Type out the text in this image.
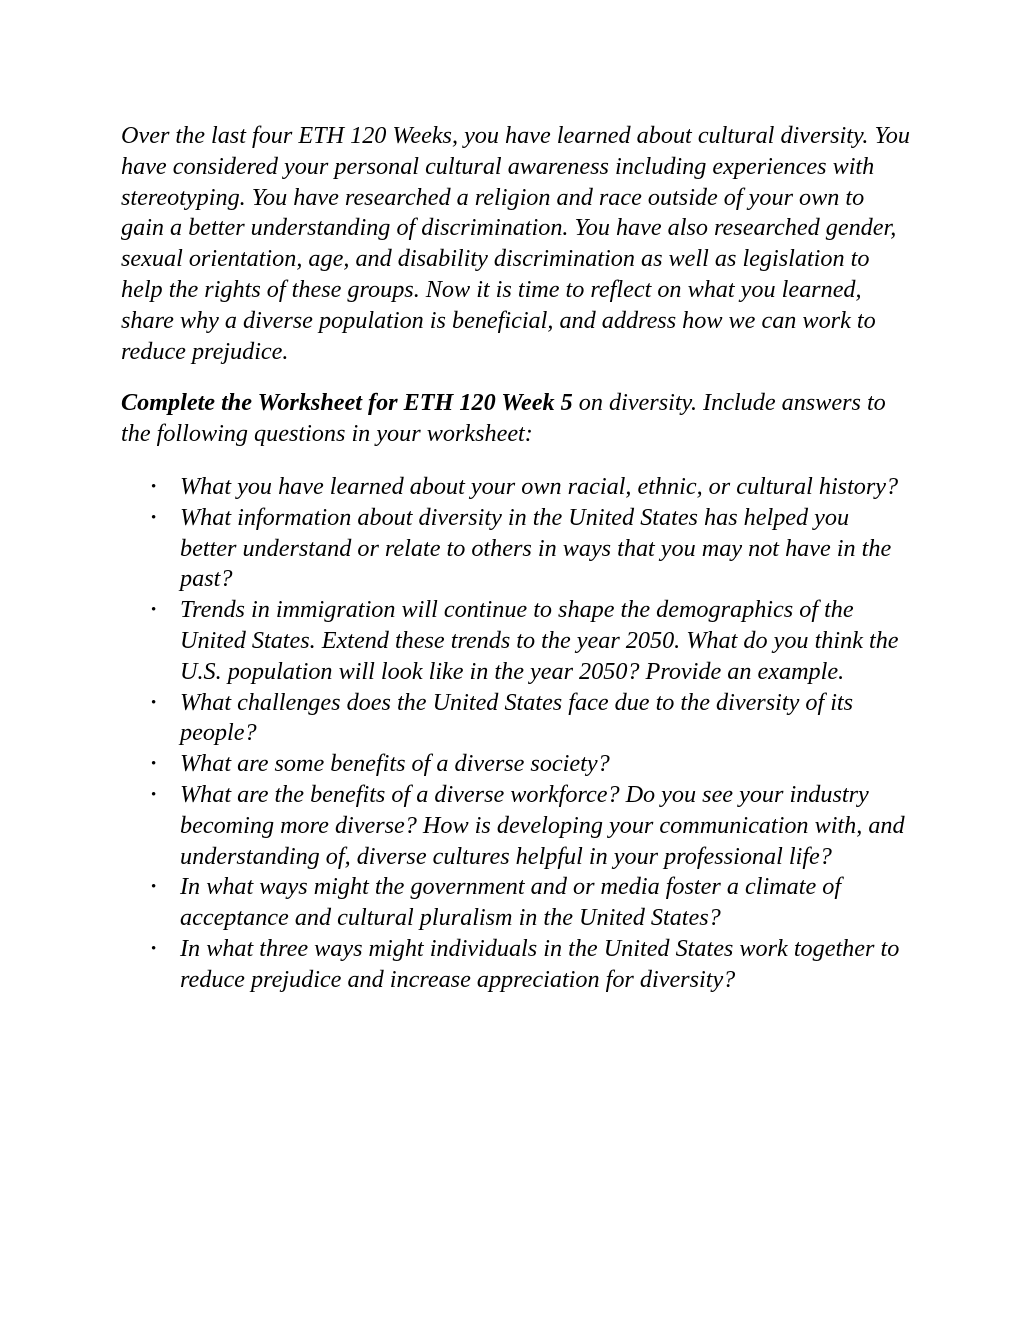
Over the last four ETH 120 Weeks, you have learned about cultural diversity. You have considered your personal cultural awareness including experiences with stereotyping. You have researched a religion and race outside of your own to gain a better understanding of discrimination. You have also researched gender, sexual orientation, age, and disability discrimination as well as legislation to help the rights of these groups. Now it is time to reflect on what you learned, share why a diverse population is beneficial, and address how we can work to reduce prejudice.

Complete the Worksheet for ETH 120 Week 5 on diversity. Include answers to the following questions in your worksheet:

• What you have learned about your own racial, ethnic, or cultural history?
• What information about diversity in the United States has helped you better understand or relate to others in ways that you may not have in the past?
• Trends in immigration will continue to shape the demographics of the United States. Extend these trends to the year 2050. What do you think the U.S. population will look like in the year 2050? Provide an example.
• What challenges does the United States face due to the diversity of its people?
• What are some benefits of a diverse society?
• What are the benefits of a diverse workforce? Do you see your industry becoming more diverse? How is developing your communication with, and understanding of, diverse cultures helpful in your professional life?
• In what ways might the government and or media foster a climate of acceptance and cultural pluralism in the United States?
• In what three ways might individuals in the United States work together to reduce prejudice and increase appreciation for diversity?
